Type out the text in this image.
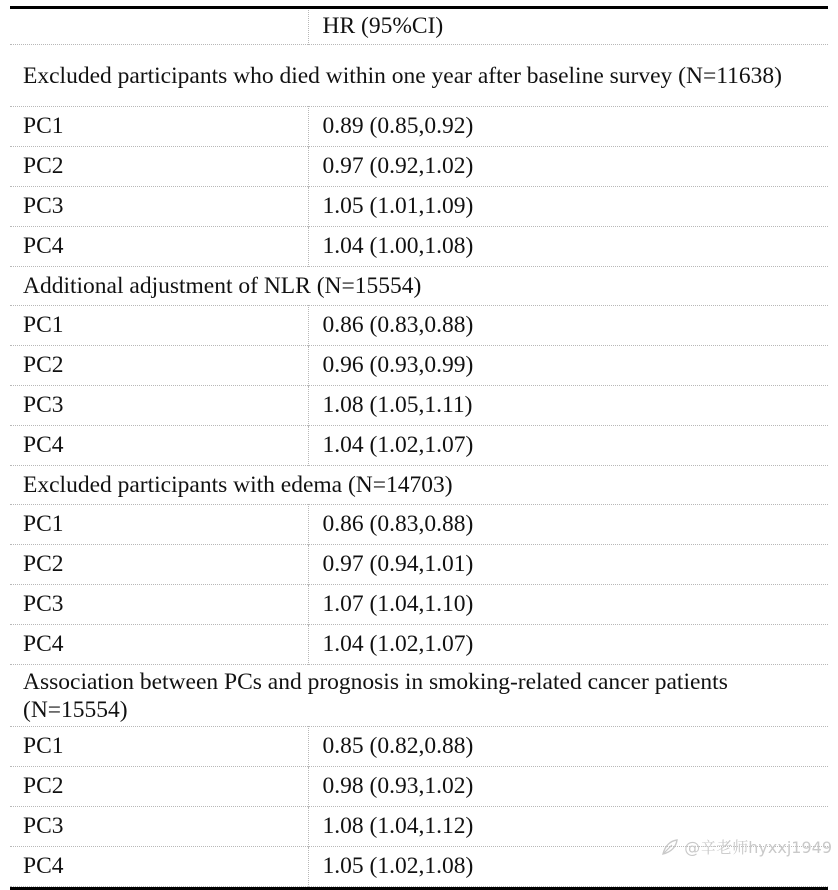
	HR (95%CI)
Excluded participants who died within one year after baseline survey (N=11638)	
PC1	0.89 (0.85,0.92)
PC2	0.97 (0.92,1.02)
PC3	1.05 (1.01,1.09)
PC4	1.04 (1.00,1.08)
Additional adjustment of NLR (N=15554)	
PC1	0.86 (0.83,0.88)
PC2	0.96 (0.93,0.99)
PC3	1.08 (1.05,1.11)
PC4	1.04 (1.02,1.07)
Excluded participants with edema (N=14703)	
PC1	0.86 (0.83,0.88)
PC2	0.97 (0.94,1.01)
PC3	1.07 (1.04,1.10)
PC4	1.04 (1.02,1.07)
Association between PCs and prognosis in smoking-related cancer patients (N=15554)	
PC1	0.85 (0.82,0.88)
PC2	0.98 (0.93,1.02)
PC3	1.08 (1.04,1.12)
PC4	1.05 (1.02,1.08)
@辛老师hyxxj1949
